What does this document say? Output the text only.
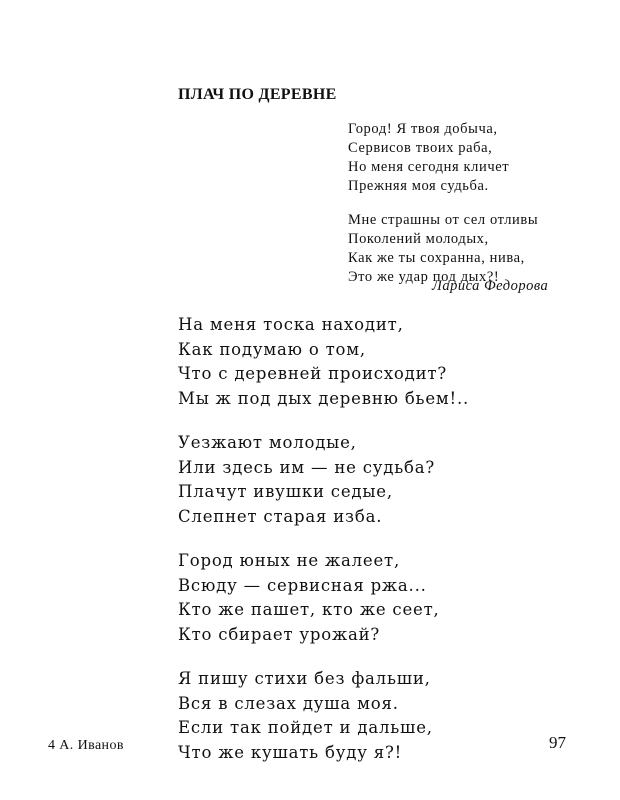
ПЛАЧ ПО ДЕРЕВНЕ
Город! Я твоя добыча,
Сервисов твоих раба,
Но меня сегодня кличет
Прежняя моя судьба.
Мне страшны от сел отливы
Поколений молодых,
Как же ты сохранна, нива,
Это же удар под дых?!
Лариса Федорова
На меня тоска находит,
Как подумаю о том,
Что с деревней происходит?
Мы ж под дых деревню бьем!..
Уезжают молодые,
Или здесь им — не судьба?
Плачут ивушки седые,
Слепнет старая изба.
Город юных не жалеет,
Всюду — сервисная ржа...
Кто же пашет, кто же сеет,
Кто сбирает урожай?
Я пишу стихи без фальши,
Вся в слезах душа моя.
Если так пойдет и дальше,
Что же кушать буду я?!
4 А. Иванов	97
